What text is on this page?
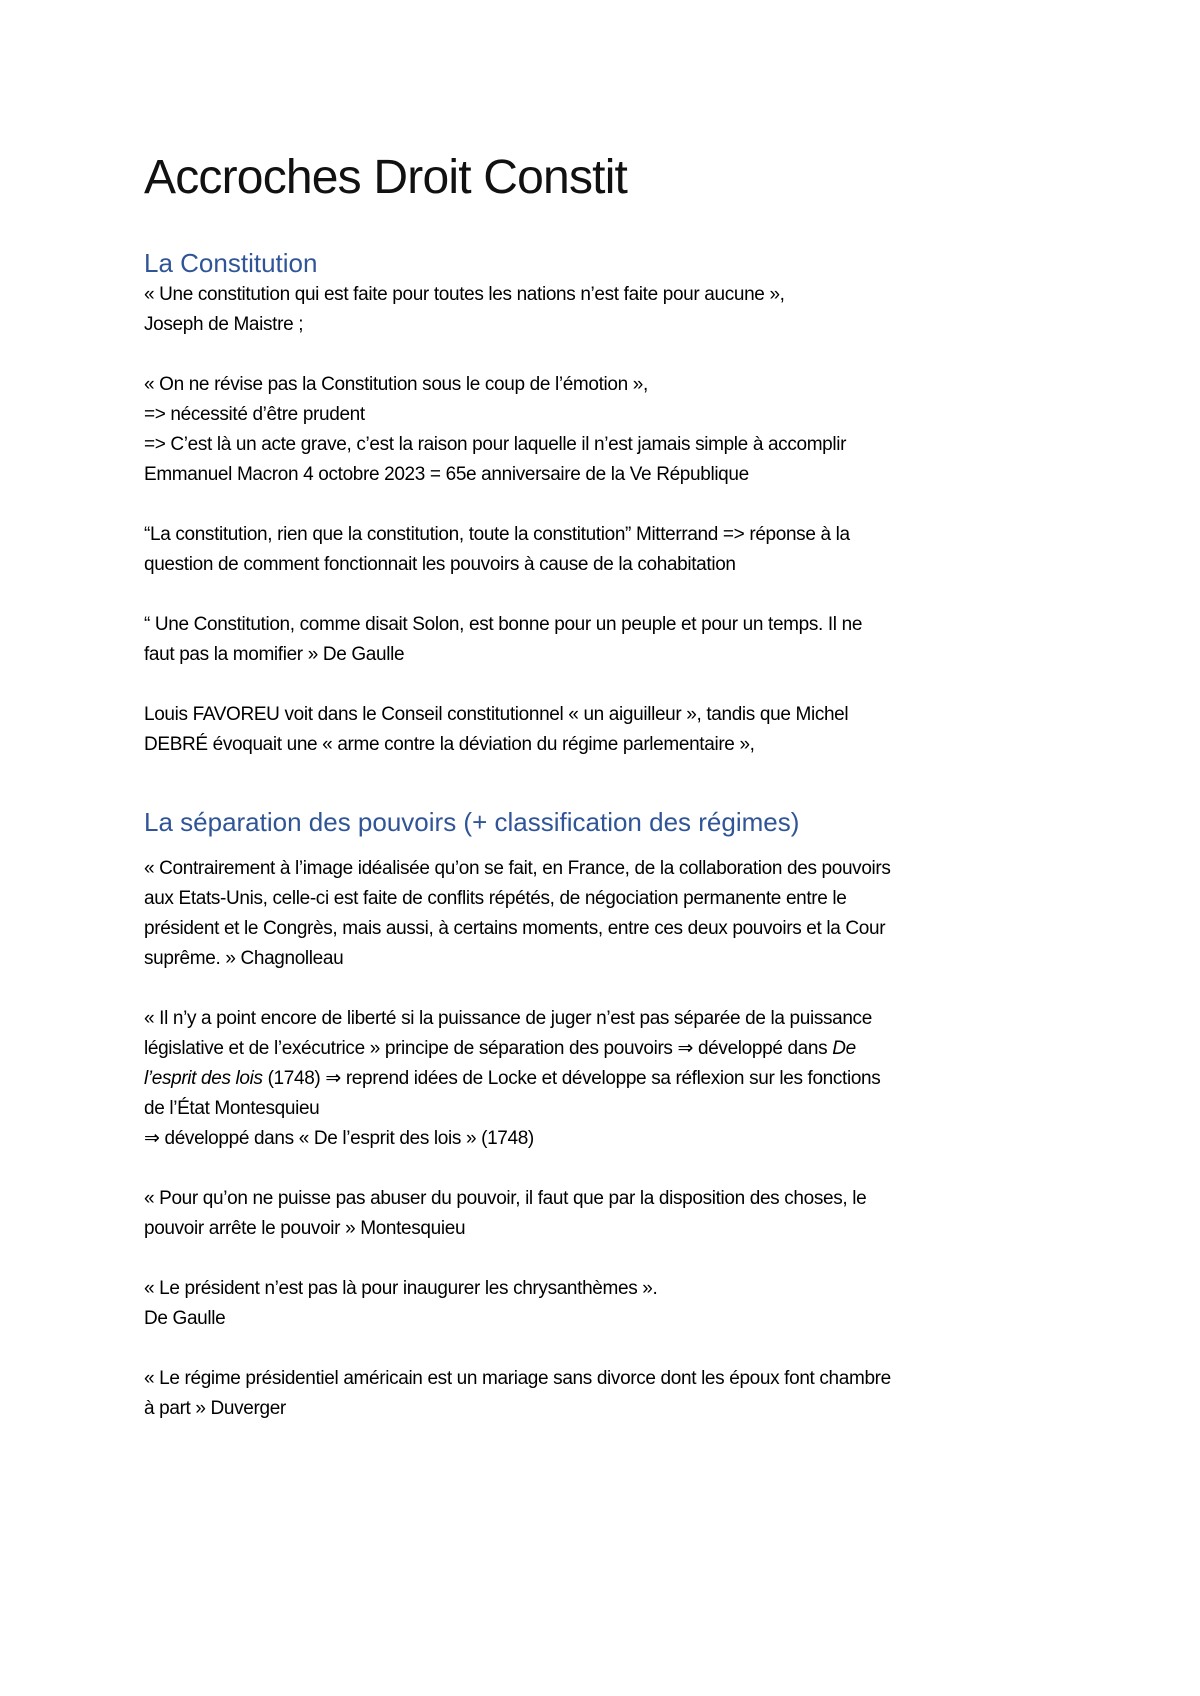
Accroches Droit Constit
La Constitution

« Une constitution qui est faite pour toutes les nations n’est faite pour aucune »,
Joseph de Maistre ;

« On ne révise pas la Constitution sous le coup de l’émotion »,
=> nécessité d’être prudent
=> C’est là un acte grave, c’est la raison pour laquelle il n’est jamais simple à accomplir
Emmanuel Macron 4 octobre 2023 = 65e anniversaire de la Ve République

“La constitution, rien que la constitution, toute la constitution” Mitterrand => réponse à la
question de comment fonctionnait les pouvoirs à cause de la cohabitation

“ Une Constitution, comme disait Solon, est bonne pour un peuple et pour un temps. Il ne
faut pas la momifier » De Gaulle

Louis FAVOREU voit dans le Conseil constitutionnel « un aiguilleur », tandis que Michel
DEBRÉ évoquait une « arme contre la déviation du régime parlementaire »,

La séparation des pouvoirs (+ classification des régimes)

« Contrairement à l’image idéalisée qu’on se fait, en France, de la collaboration des pouvoirs
aux Etats-Unis, celle-ci est faite de conflits répétés, de négociation permanente entre le
président et le Congrès, mais aussi, à certains moments, entre ces deux pouvoirs et la Cour
suprême. » Chagnolleau

« Il n’y a point encore de liberté si la puissance de juger n’est pas séparée de la puissance
législative et de l’exécutrice » principe de séparation des pouvoirs ⇒ développé dans De
l’esprit des lois (1748) ⇒ reprend idées de Locke et développe sa réflexion sur les fonctions
de l’État Montesquieu
⇒ développé dans « De l’esprit des lois » (1748)

« Pour qu’on ne puisse pas abuser du pouvoir, il faut que par la disposition des choses, le
pouvoir arrête le pouvoir » Montesquieu

« Le président n’est pas là pour inaugurer les chrysanthèmes ».
De Gaulle

« Le régime présidentiel américain est un mariage sans divorce dont les époux font chambre
à part » Duverger
